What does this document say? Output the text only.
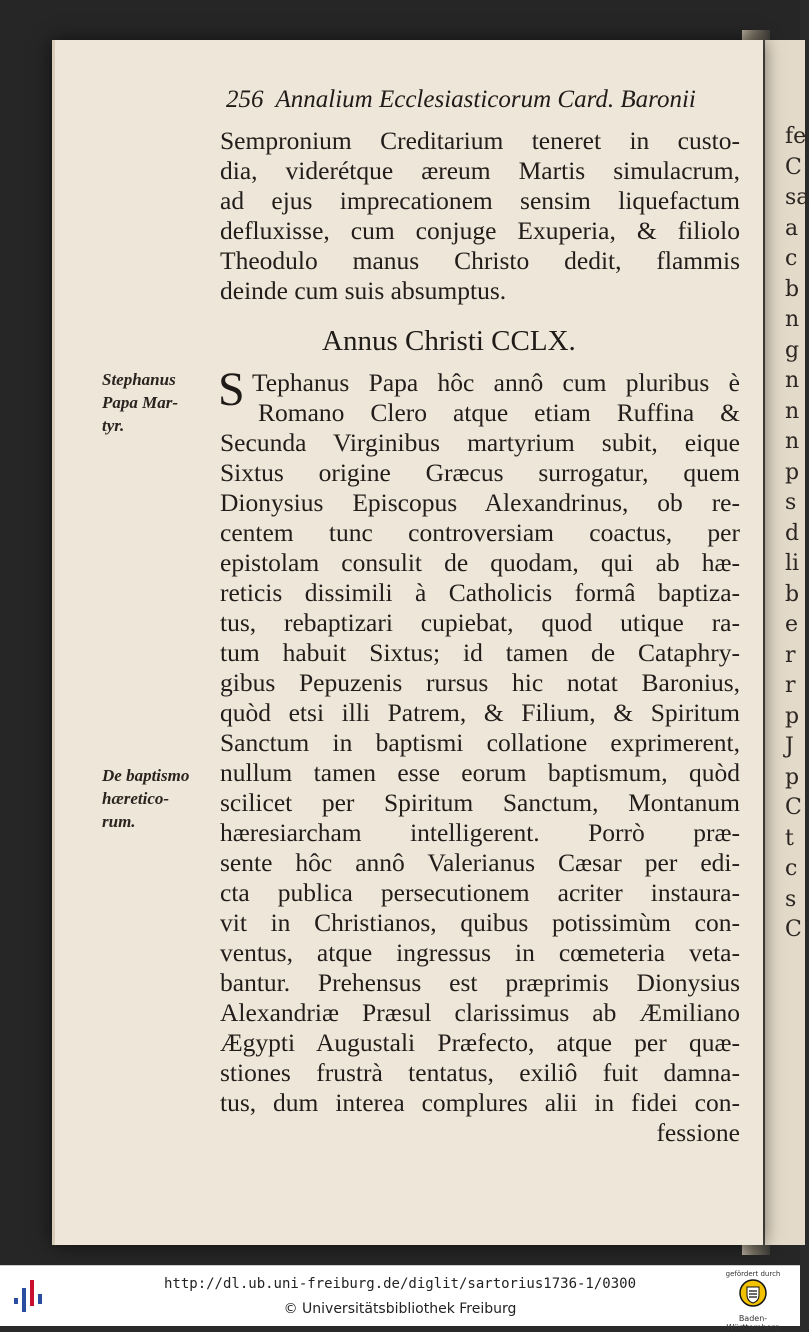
fe
C
sa
a
c
b
n
g
n
n
n
p
s
d
li
b
e
r
r
p
J
p
C
t
c
s
C
256 Annalium Ecclesiasticorum Card. Baronii
Sempronium Creditarium teneret in custo-
dia, viderétque æreum Martis simulacrum,
ad ejus imprecationem sensim liquefactum
defluxisse, cum conjuge Exuperia, & filiolo
Theodulo manus Christo dedit, flammis
deinde cum suis absumptus.
Annus Christi CCLX.
S Tephanus Papa hôc annô cum pluribus è
Romano Clero atque etiam Ruffina &
Secunda Virginibus martyrium subit, eique
Sixtus origine Græcus surrogatur, quem
Dionysius Episcopus Alexandrinus, ob re-
centem tunc controversiam coactus, per
epistolam consulit de quodam, qui ab hæ-
reticis dissimili à Catholicis formâ baptiza-
tus, rebaptizari cupiebat, quod utique ra-
tum habuit Sixtus; id tamen de Cataphry-
gibus Pepuzenis rursus hic notat Baronius,
quòd etsi illi Patrem, & Filium, & Spiritum
Sanctum in baptismi collatione exprimerent,
nullum tamen esse eorum baptismum, quòd
scilicet per Spiritum Sanctum, Montanum
hæresiarcham intelligerent. Porrò præ-
sente hôc annô Valerianus Cæsar per edi-
cta publica persecutionem acriter instaura-
vit in Christianos, quibus potissimùm con-
ventus, atque ingressus in cœmeteria veta-
bantur. Prehensus est præprimis Dionysius
Alexandriæ Præsul clarissimus ab Æmiliano
Ægypti Augustali Præfecto, atque per quæ-
stiones frustrà tentatus, exiliô fuit damna-
tus, dum interea complures alii in fidei con-
fessione
Stephanus
Papa Mar-
tyr.
De baptismo
hæretico-
rum.
http://dl.ub.uni-freiburg.de/diglit/sartorius1736-1/0300
© Universitätsbibliothek Freiburg
gefördert durch
Baden-Württemberg
